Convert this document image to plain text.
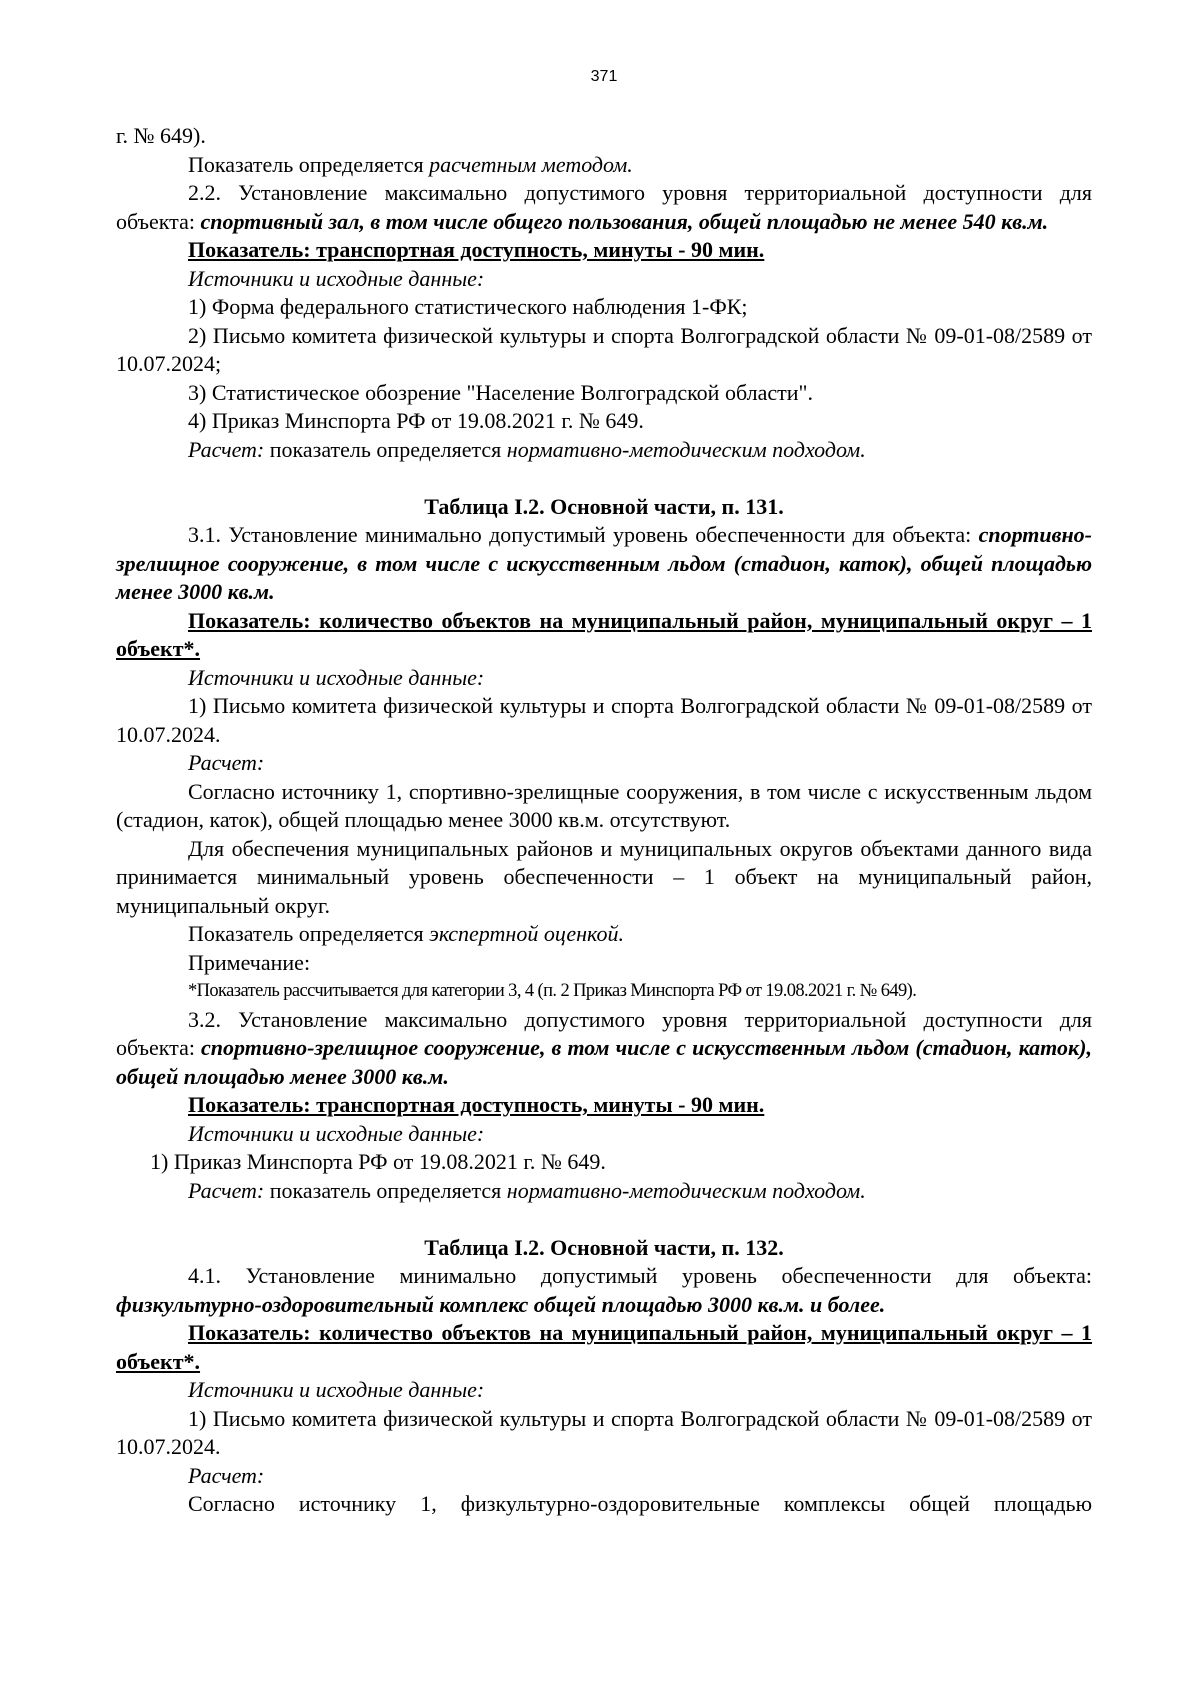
371

г. № 649).

Показатель определяется расчетным методом.

2.2. Установление максимально допустимого уровня территориальной доступности для объекта: спортивный зал, в том числе общего пользования, общей площадью не менее 540 кв.м.

Показатель: транспортная доступность, минуты - 90 мин.

Источники и исходные данные:

1) Форма федерального статистического наблюдения 1-ФК;

2) Письмо комитета физической культуры и спорта Волгоградской области № 09-01-08/2589 от 10.07.2024;

3) Статистическое обозрение "Население Волгоградской области".

4) Приказ Минспорта РФ от 19.08.2021 г. № 649.

Расчет: показатель определяется нормативно-методическим подходом.

Таблица I.2. Основной части, п. 131.

3.1. Установление минимально допустимый уровень обеспеченности для объекта: спортивно-зрелищное сооружение, в том числе с искусственным льдом (стадион, каток), общей площадью менее 3000 кв.м.

Показатель: количество объектов на муниципальный район, муниципальный округ – 1 объект*.

Источники и исходные данные:

1) Письмо комитета физической культуры и спорта Волгоградской области № 09-01-08/2589 от 10.07.2024.

Расчет:

Согласно источнику 1, спортивно-зрелищные сооружения, в том числе с искусственным льдом (стадион, каток), общей площадью менее 3000 кв.м. отсутствуют.

Для обеспечения муниципальных районов и муниципальных округов объектами данного вида принимается минимальный уровень обеспеченности – 1 объект на муниципальный район, муниципальный округ.

Показатель определяется экспертной оценкой.

Примечание:

*Показатель рассчитывается для категории 3, 4 (п. 2 Приказ Минспорта РФ от 19.08.2021 г. № 649).

3.2. Установление максимально допустимого уровня территориальной доступности для объекта: спортивно-зрелищное сооружение, в том числе с искусственным льдом (стадион, каток), общей площадью менее 3000 кв.м.

Показатель: транспортная доступность, минуты - 90 мин.

Источники и исходные данные:

1) Приказ Минспорта РФ от 19.08.2021 г. № 649.

Расчет: показатель определяется нормативно-методическим подходом.

Таблица I.2. Основной части, п. 132.

4.1. Установление минимально допустимый уровень обеспеченности для объекта: физкультурно-оздоровительный комплекс общей площадью 3000 кв.м. и более.

Показатель: количество объектов на муниципальный район, муниципальный округ – 1 объект*.

Источники и исходные данные:

1) Письмо комитета физической культуры и спорта Волгоградской области № 09-01-08/2589 от 10.07.2024.

Расчет:

Согласно источнику 1, физкультурно-оздоровительные комплексы общей площадью
